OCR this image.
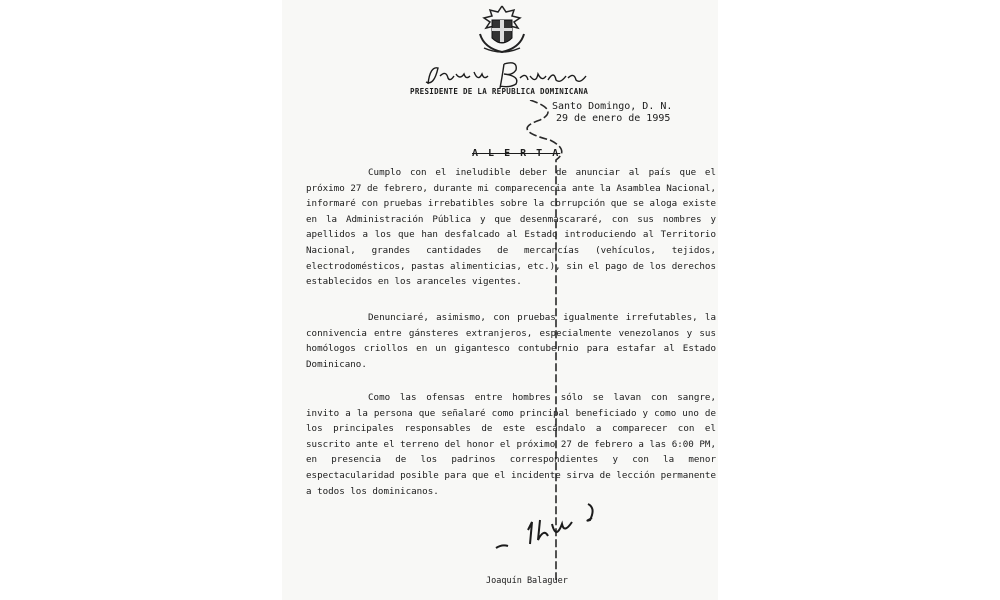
PRESIDENTE DE LA REPUBLICA DOMINICANA
Santo Domingo, D. N.
29 de enero de 1995
A L E R T A

Cumplo con el ineludible deber de anunciar al país que el próximo 27 de febrero, durante mi comparecencia ante la Asamblea Nacional, informaré con pruebas irrebatibles sobre la corrupción que se aloga existe en la Administración Pública y que desenmascararé, con sus nombres y apellidos a los que han desfalcado al Estado introduciendo al Territorio Nacional, grandes cantidades de mercancías (vehículos, tejidos, electrodomésticos, pastas alimenticias, etc.), sin el pago de los derechos establecidos en los aranceles vigentes.

Denunciaré, asimismo, con pruebas igualmente irrefutables, la connivencia entre gánsteres extranjeros, especialmente venezolanos y sus homólogos criollos en un gigantesco contubernio para estafar al Estado Dominicano.

Como las ofensas entre hombres sólo se lavan con sangre, invito a la persona que señalaré como principal beneficiado y como uno de los principales responsables de este escándalo a comparecer con el suscrito ante el terreno del honor el próximo 27 de febrero a las 6:00 PM, en presencia de los padrinos correspondientes y con la menor espectacularidad posible para que el incidente sirva de lección permanente a todos los dominicanos.

Joaquín Balaguer
